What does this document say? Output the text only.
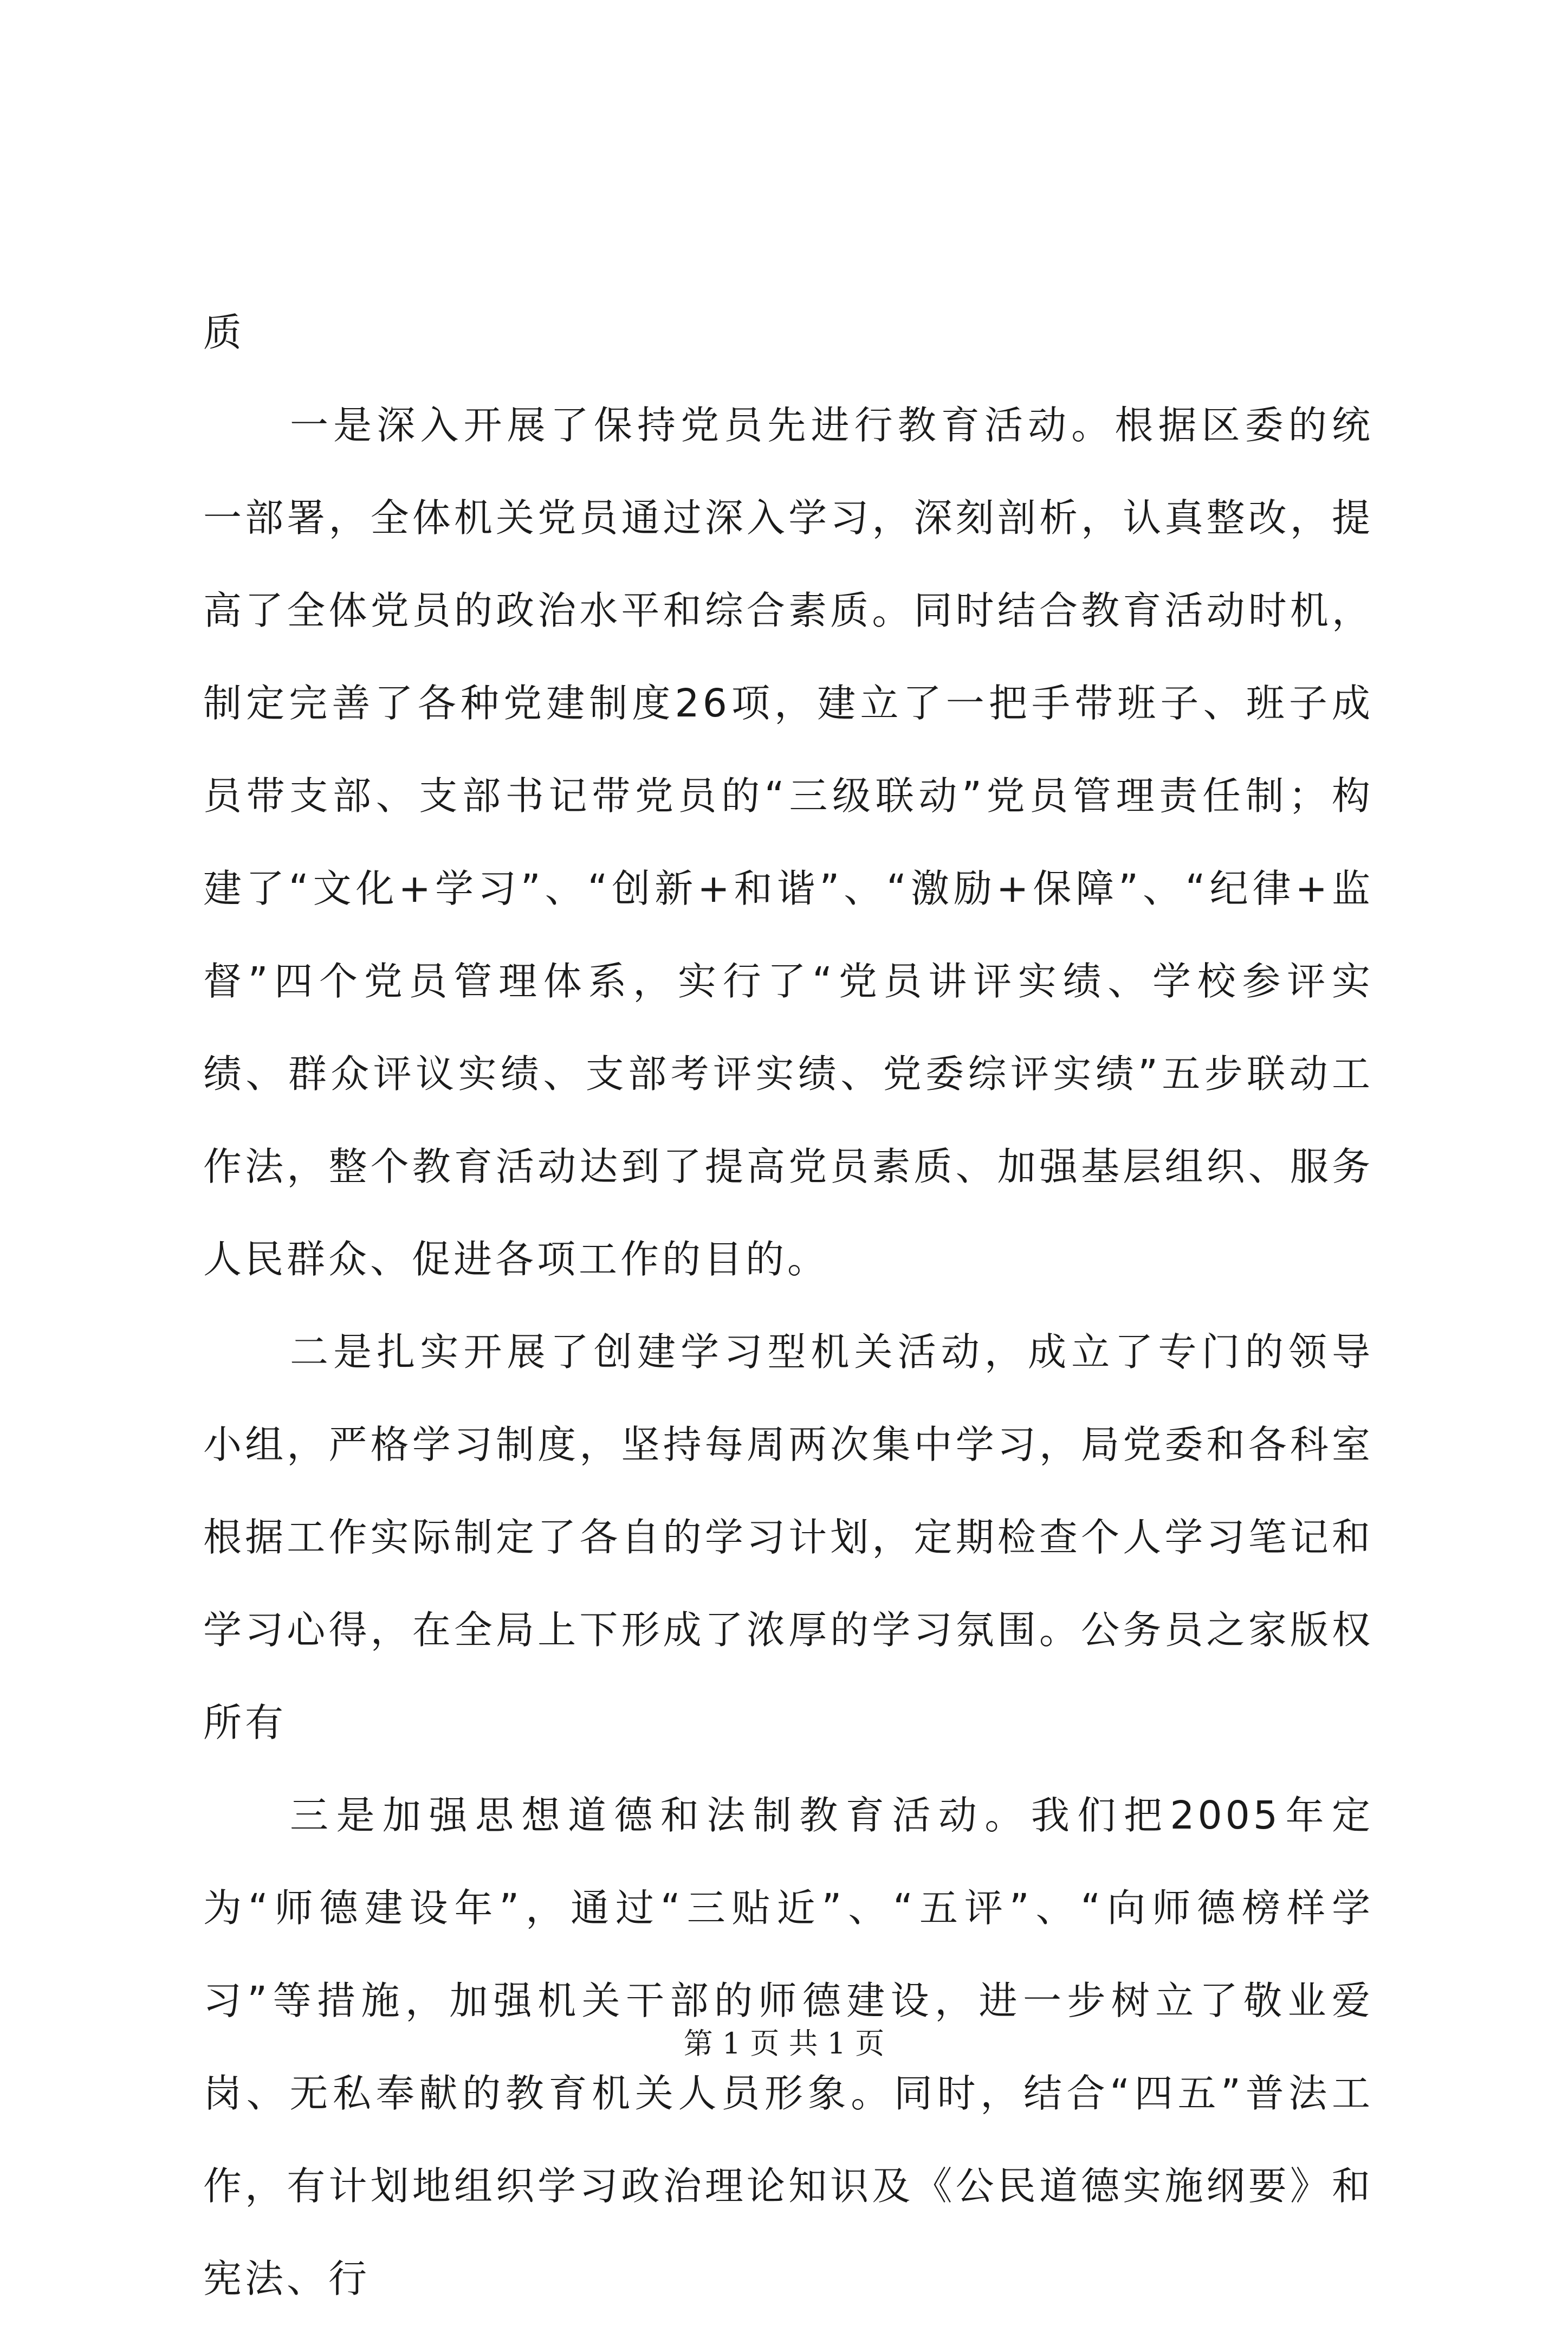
质

一是深入开展了保持党员先进行教育活动。根据区委的统一部署，全体机关党员通过深入学习，深刻剖析，认真整改，提高了全体党员的政治水平和综合素质。同时结合教育活动时机，制定完善了各种党建制度26项，建立了一把手带班子、班子成员带支部、支部书记带党员的“三级联动”党员管理责任制；构建了“文化+学习”、“创新+和谐”、“激励+保障”、“纪律+监督”四个党员管理体系，实行了“党员讲评实绩、学校参评实绩、群众评议实绩、支部考评实绩、党委综评实绩”五步联动工作法，整个教育活动达到了提高党员素质、加强基层组织、服务人民群众、促进各项工作的目的。

二是扎实开展了创建学习型机关活动，成立了专门的领导小组，严格学习制度，坚持每周两次集中学习，局党委和各科室根据工作实际制定了各自的学习计划，定期检查个人学习笔记和学习心得，在全局上下形成了浓厚的学习氛围。公务员之家版权所有

三是加强思想道德和法制教育活动。我们把2005年定为“师德建设年”，通过“三贴近”、“五评”、“向师德榜样学习”等措施，加强机关干部的师德建设，进一步树立了敬业爱岗、无私奉献的教育机关人员形象。同时，结合“四五”普法工作，有计划地组织学习政治理论知识及《公民道德实施纲要》和宪法、行

第 1 页 共 1 页
